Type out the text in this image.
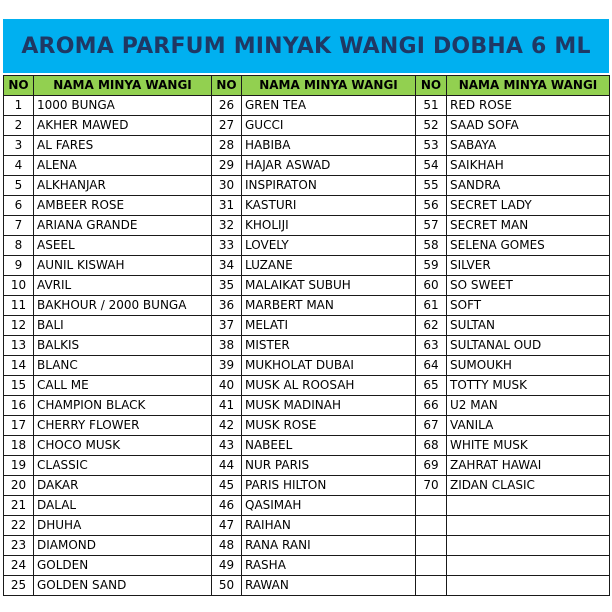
AROMA PARFUM MINYAK WANGI DOBHA 6 ML
NO	NAMA MINYA WANGI	NO	NAMA MINYA WANGI	NO	NAMA MINYA WANGI
1	1000 BUNGA	26	GREN TEA	51	RED ROSE
2	AKHER MAWED	27	GUCCI	52	SAAD SOFA
3	AL FARES	28	HABIBA	53	SABAYA
4	ALENA	29	HAJAR ASWAD	54	SAIKHAH
5	ALKHANJAR	30	INSPIRATON	55	SANDRA
6	AMBEER ROSE	31	KASTURI	56	SECRET LADY
7	ARIANA GRANDE	32	KHOLIJI	57	SECRET MAN
8	ASEEL	33	LOVELY	58	SELENA GOMES
9	AUNIL KISWAH	34	LUZANE	59	SILVER
10	AVRIL	35	MALAIKAT SUBUH	60	SO SWEET
11	BAKHOUR / 2000 BUNGA	36	MARBERT MAN	61	SOFT
12	BALI	37	MELATI	62	SULTAN
13	BALKIS	38	MISTER	63	SULTANAL OUD
14	BLANC	39	MUKHOLAT DUBAI	64	SUMOUKH
15	CALL ME	40	MUSK AL ROOSAH	65	TOTTY MUSK
16	CHAMPION BLACK	41	MUSK MADINAH	66	U2 MAN
17	CHERRY FLOWER	42	MUSK ROSE	67	VANILA
18	CHOCO MUSK	43	NABEEL	68	WHITE MUSK
19	CLASSIC	44	NUR PARIS	69	ZAHRAT HAWAI
20	DAKAR	45	PARIS HILTON	70	ZIDAN CLASIC
21	DALAL	46	QASIMAH		
22	DHUHA	47	RAIHAN		
23	DIAMOND	48	RANA RANI		
24	GOLDEN	49	RASHA		
25	GOLDEN SAND	50	RAWAN		
